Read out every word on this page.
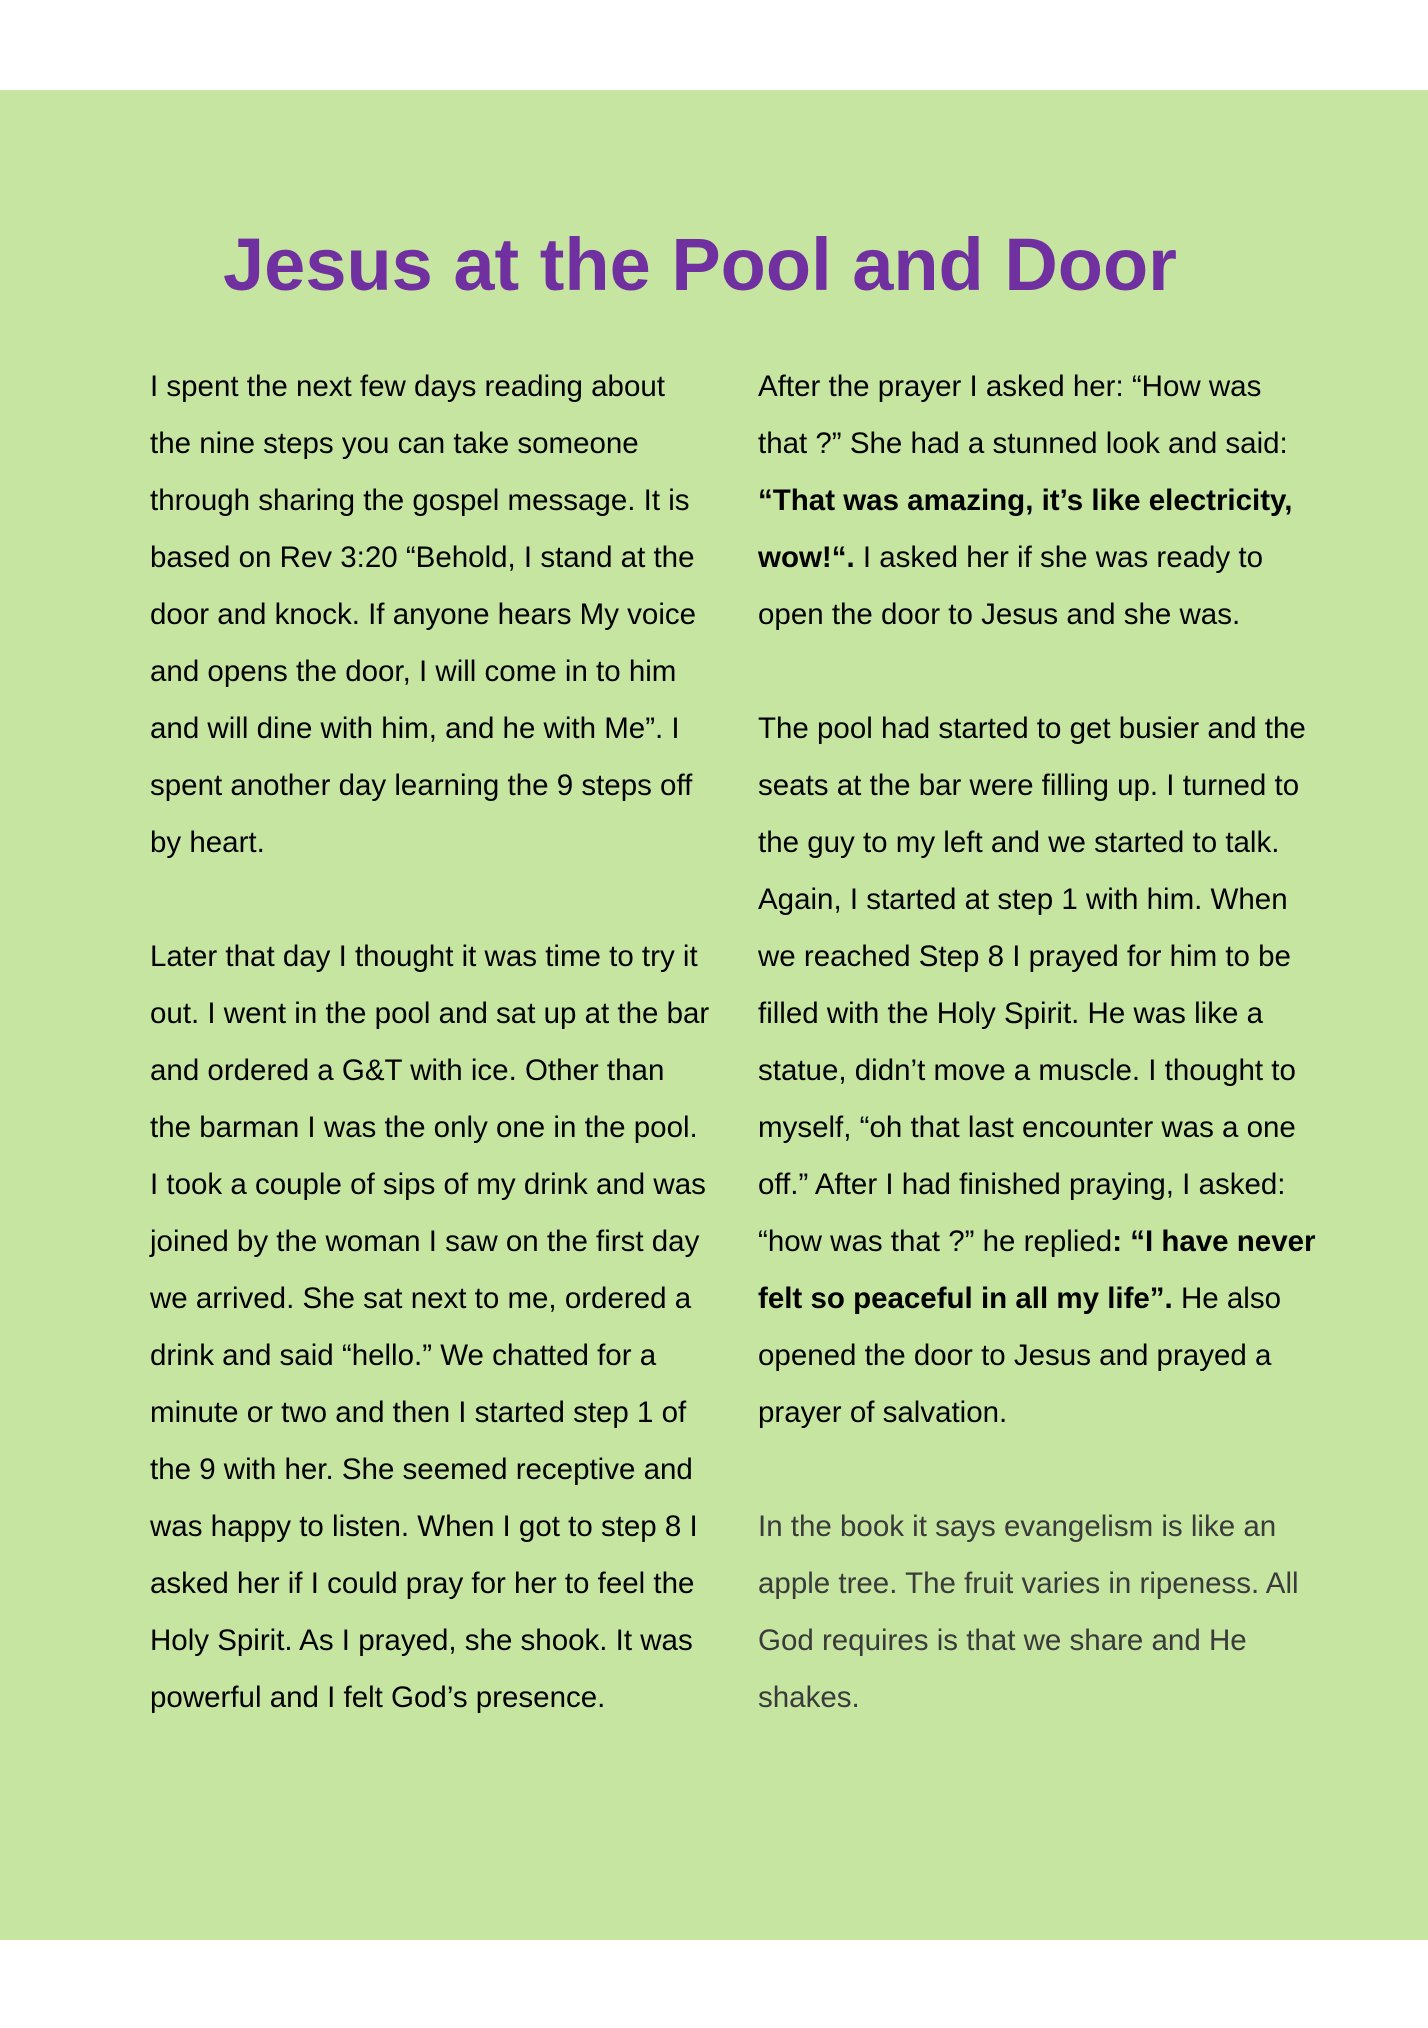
Jesus at the Pool and Door

I spent the next few days reading about the nine steps you can take someone through sharing the gospel message. It is based on Rev 3:20 “Behold, I stand at the door and knock. If anyone hears My voice and opens the door, I will come in to him and will dine with him, and he with Me”. I spent another day learning the 9 steps off by heart.

Later that day I thought it was time to try it out. I went in the pool and sat up at the bar and ordered a G&T with ice. Other than the barman I was the only one in the pool. I took a couple of sips of my drink and was joined by the woman I saw on the first day we arrived. She sat next to me, ordered a drink and said “hello.” We chatted for a minute or two and then I started step 1 of the 9 with her. She seemed receptive and was happy to listen. When I got to step 8 I asked her if I could pray for her to feel the Holy Spirit. As I prayed, she shook. It was powerful and I felt God’s presence.

After the prayer I asked her: “How was that ?” She had a stunned look and said: “That was amazing, it’s like electricity, wow!“. I asked her if she was ready to open the door to Jesus and she was.

The pool had started to get busier and the seats at the bar were filling up. I turned to the guy to my left and we started to talk. Again, I started at step 1 with him. When we reached Step 8 I prayed for him to be filled with the Holy Spirit. He was like a statue, didn’t move a muscle. I thought to myself, “oh that last encounter was a one off.” After I had finished praying, I asked: “how was that ?” he replied: “I have never felt so peaceful in all my life”. He also opened the door to Jesus and prayed a prayer of salvation.

In the book it says evangelism is like an apple tree. The fruit varies in ripeness. All God requires is that we share and He shakes.
